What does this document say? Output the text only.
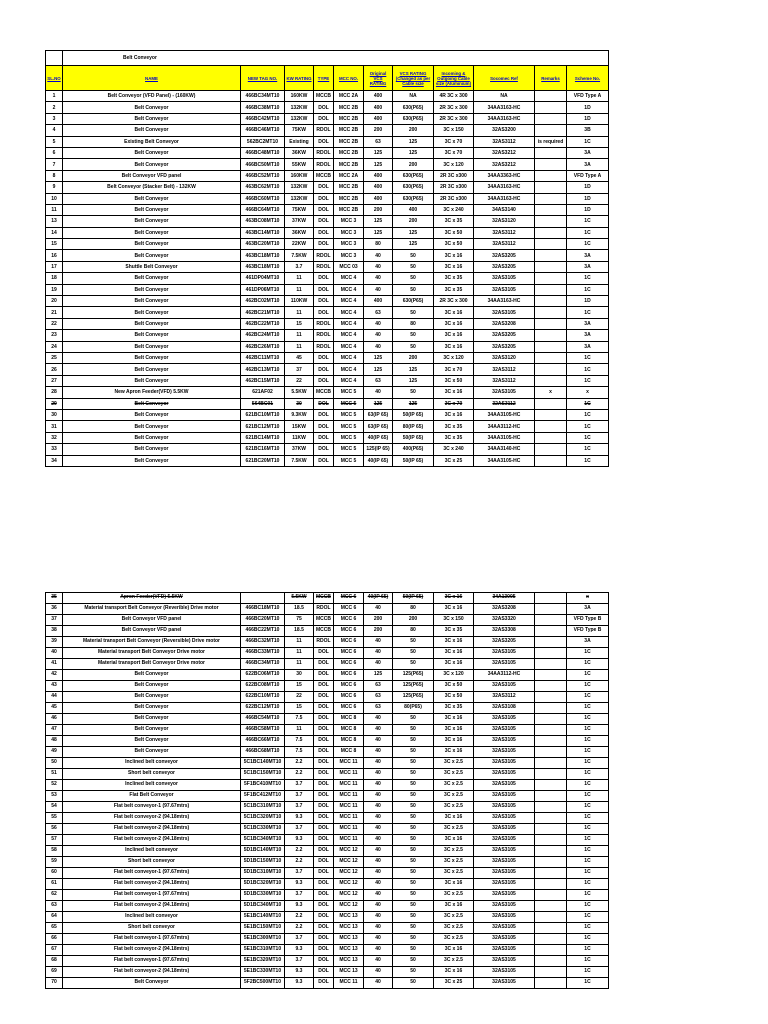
	Belt Conveyor										
SL.NO	NAME	NEW TAG NO.	KW RATING	TYPE	MCC NO.	Original VCS RATING	VCS RATING (Changed as per Cable size	Incoming & Outgoing Cable size (Aluminium)	Socomec Ref	Remarks	Scheme No.
1	Belt Conveyor (VFD Panel) - (160KW)	466BC34MT10	160KW	MCCB	MCC 2A	400	NA	4R 3C x 300	NA		VFD Type A
2	Belt Conveyor	466BC38MT10	132KW	DOL	MCC 2B	400	630(P65)	2R 3C x 300	34AA3163-HC		1D
3	Belt Conveyor	466BC42MT10	132KW	DOL	MCC 2B	400	630(P65)	2R 3C x 300	34AA3163-HC		1D
4	Belt Conveyor	466BC46MT10	75KW	RDOL	MCC 2B	200	200	3C x 150	32AS3200		3B
5	Existing Belt Conveyor	562BC2MT10	Existing	DOL	MCC 2B	63	125	3C x 70	32AS3112	is required	1C
6	Belt Conveyor	466BC48MT10	36KW	RDOL	MCC 2B	125	125	3C x 70	32AS3212		3A
7	Belt Conveyor	466BC50MT10	55KW	RDOL	MCC 2B	125	200	3C x 120	32AS3212		3A
8	Belt Conveyor VFD panel	466BC52MT10	160KW	MCCB	MCC 2A	400	630(P65)	2R 3C x300	34AA3363-HC		VFD Type A
9	Belt Conveyor (Stacker Belt) - 132KW	463BC62MT10	132KW	DOL	MCC 2B	400	630(P65)	2R 3C x300	34AA3163-HC		1D
10	Belt Conveyor	466BC60MT10	132KW	DOL	MCC 2B	400	630(P65)	2R 3C x300	34AA3163-HC		1D
11	Belt Conveyor	466BC64MT10	75KW	DOL	MCC 2B	200	400	3C x 240	34AS3140		1D
13	Belt Conveyor	463BC08MT10	37KW	DOL	MCC 3	125	200	3C x 35	32AS3120		1C
14	Belt Conveyor	463BC14MT10	36KW	DOL	MCC 3	125	125	3C x 50	32AS3112		1C
15	Belt Conveyor	463BC20MT10	22KW	DOL	MCC 3	80	125	3C x 50	32AS3112		1C
16	Belt Conveyor	463BC18MT10	7.5KW	RDOL	MCC 3	40	50	3C x 16	32AS3205		3A
17	Shuttle Belt Conveyor	463BC18MT10	3.7	RDOL	MCC 03	40	50	3C x 16	32AS3205		3A
18	Belt Conveyor	461DP04MT10	11	DOL	MCC 4	40	50	3C x 35	32AS3105		1C
19	Belt Conveyor	461DP06MT10	11	DOL	MCC 4	40	50	3C x 35	32AS3105		1C
20	Belt Conveyor	462BC02MT10	110KW	DOL	MCC 4	400	630(P65)	2R 3C x 300	34AA3163-HC		1D
21	Belt Conveyor	462BC21MT10	11	DOL	MCC 4	63	50	3C x 16	32AS3105		1C
22	Belt Conveyor	462BC22MT10	15	RDOL	MCC 4	40	80	3C x 16	32AS3208		3A
23	Belt Conveyor	462BC24MT10	11	RDOL	MCC 4	40	50	3C x 16	32AS3205		3A
24	Belt Conveyor	462BC26MT10	11	RDOL	MCC 4	40	50	3C x 16	32AS3205		3A
25	Belt Conveyor	462BC11MT10	45	DOL	MCC 4	125	200	3C x 120	32AS3120		1C
26	Belt Conveyor	462BC13MT10	37	DOL	MCC 4	125	125	3C x 70	32AS3112		1C
27	Belt Conveyor	462BC15MT10	22	DOL	MCC 4	63	125	3C x 50	32AS3112		1C
28	New Apron Feeder(VFD) 5.5KW	621AF02	5.5KW	MCCB	MCC 5	40	50	3C x 16	32AS3105	x	x
29	Belt Conveyor	564BC01	30	DOL	MCC 5	125	125	3C x 70	32AS3112		1C
30	Belt Conveyor	621BC10MT10	9.3KW	DOL	MCC 5	63(IP 65)	50(IP 65)	3C x 16	34AA3105-HC		1C
31	Belt Conveyor	621BC12MT10	15KW	DOL	MCC 5	63(IP 65)	80(IP 65)	3C x 35	34AA3112-HC		1C
32	Belt Conveyor	621BC14MT10	11KW	DOL	MCC 5	40(IP 65)	50(IP 65)	3C x 35	34AA3105-HC		1C
33	Belt Conveyor	621BC16MT10	37KW	DOL	MCC 5	125(IP 65)	400(P65)	3C x 240	34AA3140-HC		1C
34	Belt Conveyor	621BC20MT10	7.5KW	DOL	MCC 5	40(IP 65)	50(IP 65)	3C x 25	34AA3105-HC		1C
35	Apron Feeder(VFD) 5.5KW		5.5KW	MCCB	MCC 6	40(IP 65)	50(IP 65)	3C x 16	34A13005		x
36	Material transport Belt Conveyor (Reverible) Drive motor	466BC18MT10	18.5	RDOL	MCC 6	40	80	3C x 16	32AS3208		3A
37	Belt Conveyor VFD panel	466BC20MT10	75	MCCB	MCC 6	200	200	3C x 150	32AS3320		VFD Type B
38	Belt Conveyor VFD panel	466BC22MT10	18.5	MCCB	MCC 6	200	80	3C x 35	32AS3308		VFD Type B
39	Material transport Belt Conveyor (Reversible) Drive motor	466BC32MT10	11	RDOL	MCC 6	40	50	3C x 16	32AS3205		3A
40	Material transport Belt Conveyor Drive motor	466BC33MT10	11	DOL	MCC 6	40	50	3C x 16	32AS3105		1C
41	Material transport Belt Conveyor Drive motor	466BC34MT10	11	DOL	MCC 6	40	50	3C x 16	32AS3105		1C
42	Belt Conveyor	622BC06MT10	30	DOL	MCC 6	125	125(P65)	3C x 120	34AA3112-HC		1C
43	Belt Conveyor	622BC08MT10	15	DOL	MCC 6	63	125(P65)	3C x 50	32AS3105		1C
44	Belt Conveyor	622BC10MT10	22	DOL	MCC 6	63	125(P65)	3C x 50	32AS3112		1C
45	Belt Conveyor	622BC12MT10	15	DOL	MCC 6	63	80(P65)	3C x 35	32AS3108		1C
46	Belt Conveyor	466BC54MT10	7.5	DOL	MCC 8	40	50	3C x 16	32AS3105		1C
47	Belt Conveyor	466BC58MT10	11	DOL	MCC 8	40	50	3C x 16	32AS3105		1C
48	Belt Conveyor	466BC66MT10	7.5	DOL	MCC 8	40	50	3C x 16	32AS3105		1C
49	Belt Conveyor	466BC68MT10	7.5	DOL	MCC 8	40	50	3C x 16	32AS3105		1C
50	Inclined belt conveyor	5C1BC140MT10	2.2	DOL	MCC 11	40	50	3C x 2.5	32AS3105		1C
51	Short belt conveyor	5C1BC150MT10	2.2	DOL	MCC 11	40	50	3C x 2.5	32AS3105		1C
52	Inclined belt conveyor	5F1BC410MT10	3.7	DOL	MCC 11	40	50	3C x 2.5	32AS3105		1C
53	Flat Belt Conveyor	5F1BC412MT10	3.7	DOL	MCC 11	40	50	3C x 2.5	32AS3105		1C
54	Flat belt conveyor-1 (97.67mtrs)	5C1BC310MT10	3.7	DOL	MCC 11	40	50	3C x 2.5	32AS3105		1C
55	Flat belt conveyor-2 (94.18mtrs)	5C1BC320MT10	9.3	DOL	MCC 11	40	50	3C x 16	32AS3105		1C
56	Flat belt conveyor-2 (94.18mtrs)	5C1BC330MT10	3.7	DOL	MCC 11	40	50	3C x 2.5	32AS3105		1C
57	Flat belt conveyor-2 (94.18mtrs)	5C1BC340MT10	9.3	DOL	MCC 11	40	50	3C x 16	32AS3105		1C
58	Inclined belt conveyor	5D1BC140MT10	2.2	DOL	MCC 12	40	50	3C x 2.5	32AS3105		1C
59	Short belt conveyor	5D1BC150MT10	2.2	DOL	MCC 12	40	50	3C x 2.5	32AS3105		1C
60	Flat belt conveyor-1 (97.67mtrs)	5D1BC310MT10	3.7	DOL	MCC 12	40	50	3C x 2.5	32AS3105		1C
61	Flat belt conveyor-2 (94.18mtrs)	5D1BC320MT10	9.3	DOL	MCC 12	40	50	3C x 16	32AS3105		1C
62	Flat belt conveyor-1 (97.67mtrs)	5D1BC330MT10	3.7	DOL	MCC 12	40	50	3C x 2.5	32AS3105		1C
63	Flat belt conveyor-2 (94.18mtrs)	5D1BC340MT10	9.3	DOL	MCC 12	40	50	3C x 16	32AS3105		1C
64	Inclined belt conveyor	5E1BC140MT10	2.2	DOL	MCC 13	40	50	3C x 2.5	32AS3105		1C
65	Short belt conveyor	5E1BC150MT10	2.2	DOL	MCC 13	40	50	3C x 2.5	32AS3105		1C
66	Flat belt conveyor-1 (97.67mtrs)	5E1BC300MT10	3.7	DOL	MCC 13	40	50	3C x 2.5	32AS3105		1C
67	Flat belt conveyor-2 (94.18mtrs)	5E1BC310MT10	9.3	DOL	MCC 13	40	50	3C x 16	32AS3105		1C
68	Flat belt conveyor-1 (97.67mtrs)	5E1BC320MT10	3.7	DOL	MCC 13	40	50	3C x 2.5	32AS3105		1C
69	Flat belt conveyor-2 (94.18mtrs)	5E1BC330MT10	9.3	DOL	MCC 13	40	50	3C x 16	32AS3105		1C
70	Belt Conveyor	5F2BC500MT10	9.3	DOL	MCC 11	40	50	3C x 25	32AS3105		1C
